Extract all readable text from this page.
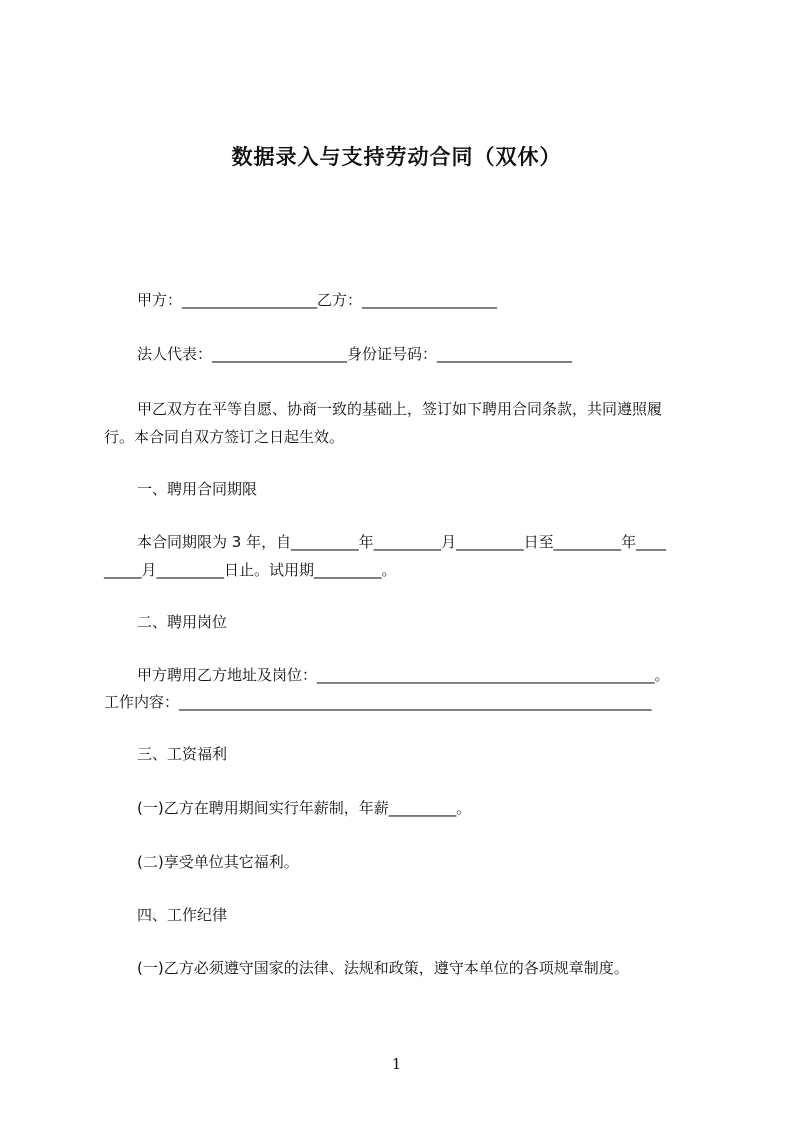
数据录入与支持劳动合同（双休）
甲方：__________________乙方：__________________
法人代表：__________________身份证号码：__________________
甲乙双方在平等自愿、协商一致的基础上，签订如下聘用合同条款，共同遵照履
行。本合同自双方签订之日起生效。
一、聘用合同期限
本合同期限为 3 年，自_________年_________月_________日至_________年____
_____月_________日止。试用期_________。
二、聘用岗位
甲方聘用乙方地址及岗位：_____________________________________________。
工作内容：_______________________________________________________________
三、工资福利
(一)乙方在聘用期间实行年薪制，年薪_________。
(二)享受单位其它福利。
四、工作纪律
(一)乙方必须遵守国家的法律、法规和政策，遵守本单位的各项规章制度。
1
